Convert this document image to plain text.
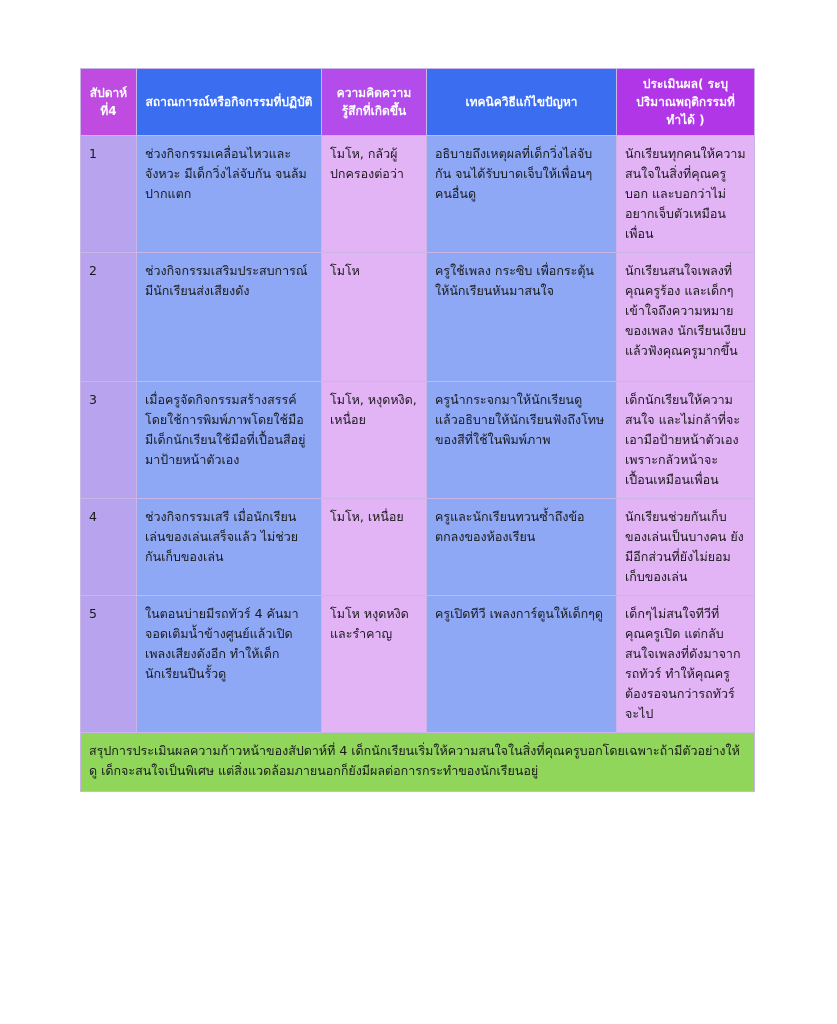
สัปดาห์ที่4	สถาณการณ์หรือกิจกรรมที่ปฏิบัติ	ความคิดความรู้สึกที่เกิดขึ้น	เทคนิควิธีแก้ไขปัญหา	ประเมินผล( ระบุปริมาณพฤติกรรมที่ทำได้ )
1	ช่วงกิจกรรมเคลื่อนไหวและจังหวะ มีเด็กวิ่งไล่จับกัน จนล้มปากแตก	โมโห, กลัวผู้ปกครองต่อว่า	อธิบายถึงเหตุผลที่เด็กวิ่งไล่จับกัน จนได้รับบาดเจ็บให้เพื่อนๆคนอื่นดู	นักเรียนทุกคนให้ความสนใจในสิ่งที่คุณครูบอก และบอกว่าไม่อยากเจ็บตัวเหมือนเพื่อน
2	ช่วงกิจกรรมเสริมประสบการณ์ มีนักเรียนส่งเสียงดัง	โมโห	ครูใช้เพลง กระซิบ เพื่อกระตุ้นให้นักเรียนหันมาสนใจ	นักเรียนสนใจเพลงที่คุณครูร้อง และเด็กๆเข้าใจถึงความหมายของเพลง นักเรียนเงียบแล้วฟังคุณครูมากขึ้น
3	เมื่อครูจัดกิจกรรมสร้างสรรค์ โดยใช้การพิมพ์ภาพโดยใช้มือ มีเด็กนักเรียนใช้มือที่เปื้อนสีอยู่มาป้ายหน้าตัวเอง	โมโห, หงุดหงิด, เหนื่อย	ครูนำกระจกมาให้นักเรียนดู แล้วอธิบายให้นักเรียนฟังถึงโทษของสีที่ใช้ในพิมพ์ภาพ	เด็กนักเรียนให้ความสนใจ และไม่กล้าที่จะเอามือป้ายหน้าตัวเองเพราะกลัวหน้าจะเปื้อนเหมือนเพื่อน
4	ช่วงกิจกรรมเสรี เมื่อนักเรียนเล่นของเล่นเสร็จแล้ว ไม่ช่วยกันเก็บของเล่น	โมโห, เหนื่อย	ครูและนักเรียนทวนซ้ำถึงข้อตกลงของห้องเรียน	นักเรียนช่วยกันเก็บของเล่นเป็นบางคน ยังมีอีกส่วนที่ยังไม่ยอมเก็บของเล่น
5	ในตอนบ่ายมีรถทัวร์ 4 คันมาจอดเติมน้ำข้างศูนย์แล้วเปิดเพลงเสียงดังอีก ทำให้เด็กนักเรียนปีนรั้วดู	โมโห หงุดหงิดและรำคาญ	ครูเปิดทีวี เพลงการ์ตูนให้เด็กๆดู	เด็กๆไม่สนใจทีวีที่คุณครูเปิด แต่กลับสนใจเพลงที่ดังมาจากรถทัวร์ ทำให้คุณครูต้องรอจนกว่ารถทัวร์จะไป
สรุปการประเมินผลความก้าวหน้าของสัปดาห์ที่ 4 เด็กนักเรียนเริ่มให้ความสนใจในสิ่งที่คุณครูบอกโดยเฉพาะถ้ามีตัวอย่างให้ดู เด็กจะสนใจเป็นพิเศษ แต่สิ่งแวดล้อมภายนอกก็ยังมีผลต่อการกระทำของนักเรียนอยู่				
